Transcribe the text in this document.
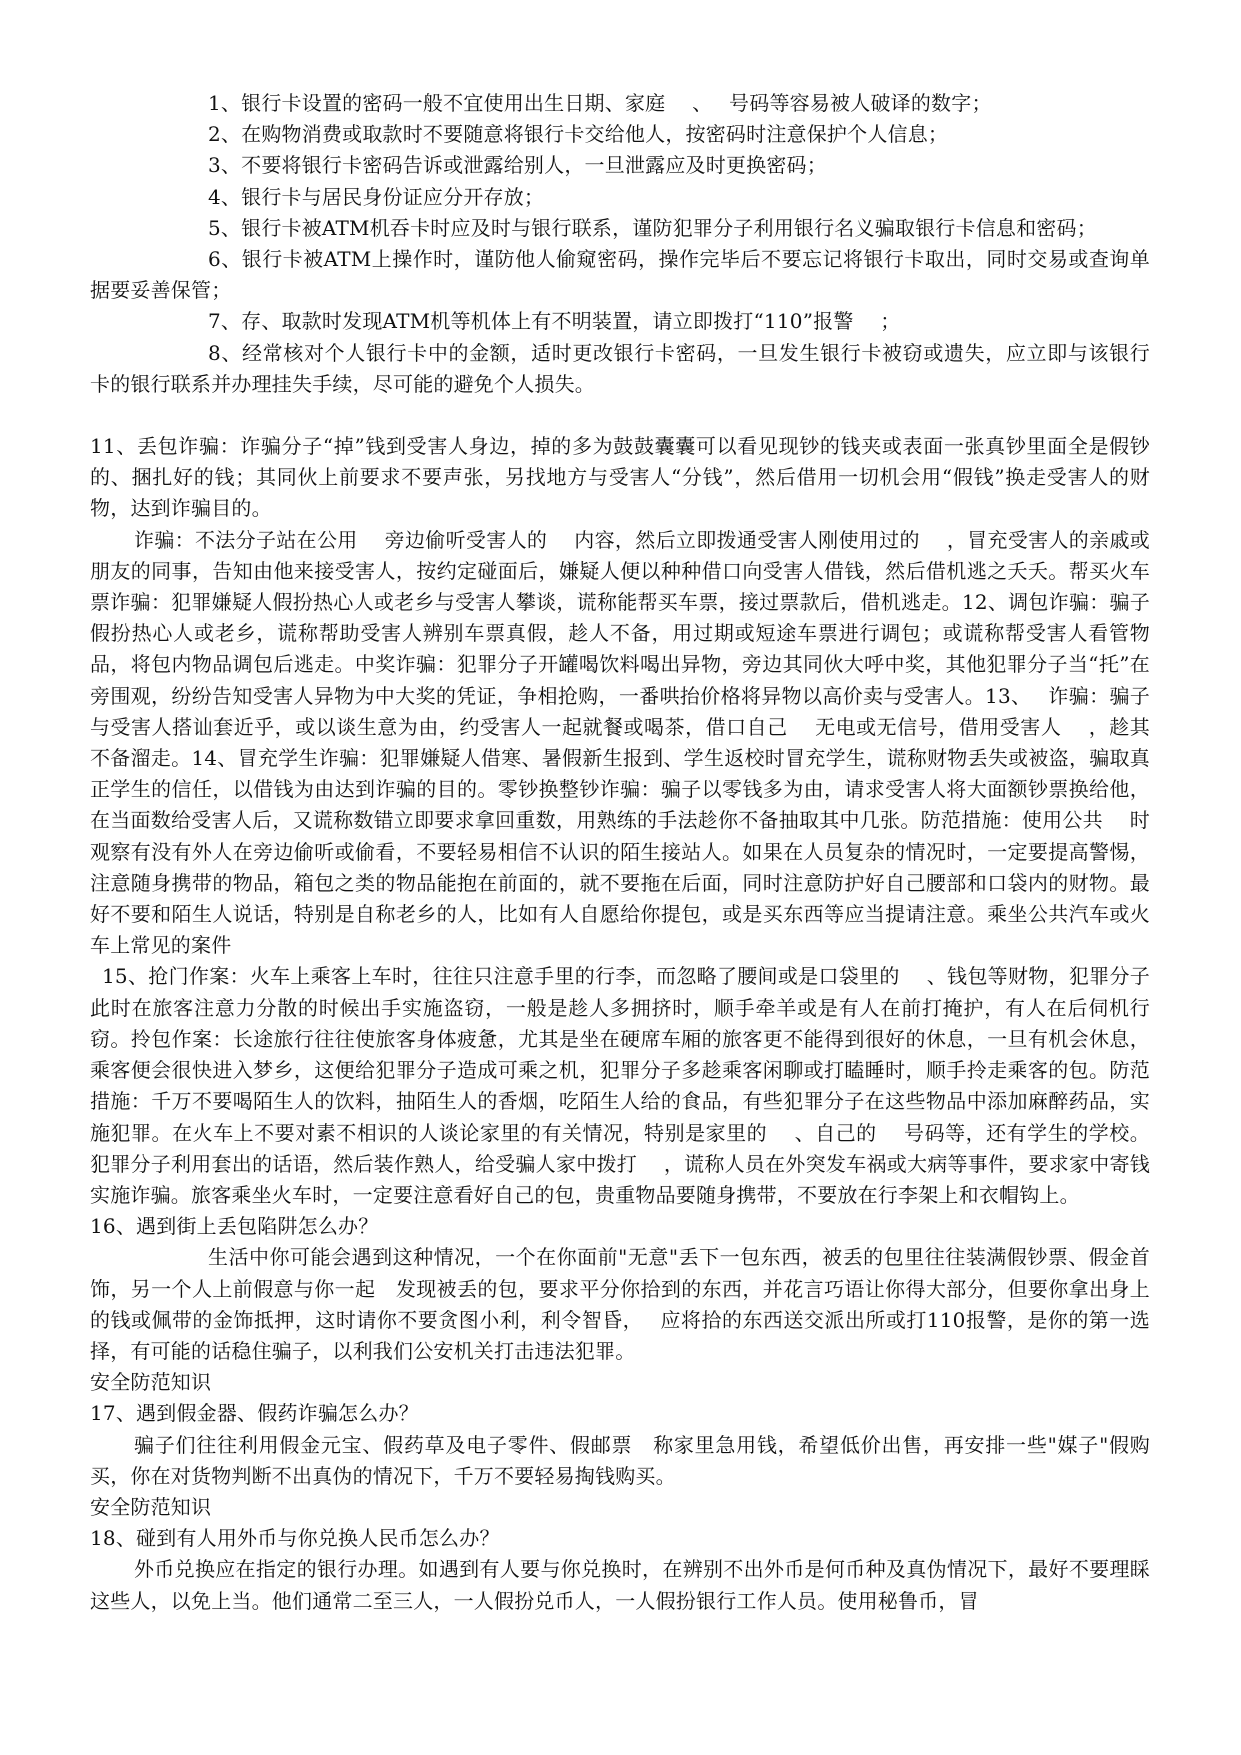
1、银行卡设置的密码一般不宜使用出生日期、家庭　 、　 号码等容易被人破译的数字；

2、在购物消费或取款时不要随意将银行卡交给他人，按密码时注意保护个人信息；

3、不要将银行卡密码告诉或泄露给别人，一旦泄露应及时更换密码；

4、银行卡与居民身份证应分开存放；

5、银行卡被ATM机吞卡时应及时与银行联系，谨防犯罪分子利用银行名义骗取银行卡信息和密码；

6、银行卡被ATM上操作时，谨防他人偷窥密码，操作完毕后不要忘记将银行卡取出，同时交易或查询单据要妥善保管；

7、存、取款时发现ATM机等机体上有不明装置，请立即拨打“110”报警　 ；

8、经常核对个人银行卡中的金额，适时更改银行卡密码，一旦发生银行卡被窃或遗失，应立即与该银行卡的银行联系并办理挂失手续，尽可能的避免个人损失。

11、丢包诈骗：诈骗分子“掉”钱到受害人身边，掉的多为鼓鼓囊囊可以看见现钞的钱夹或表面一张真钞里面全是假钞的、捆扎好的钱；其同伙上前要求不要声张，另找地方与受害人“分钱”，然后借用一切机会用“假钱”换走受害人的财物，达到诈骗目的。

诈骗：不法分子站在公用　 旁边偷听受害人的　 内容，然后立即拨通受害人刚使用过的　 ，冒充受害人的亲戚或朋友的同事，告知由他来接受害人，按约定碰面后，嫌疑人便以种种借口向受害人借钱，然后借机逃之夭夭。帮买火车票诈骗：犯罪嫌疑人假扮热心人或老乡与受害人攀谈，谎称能帮买车票，接过票款后，借机逃走。12、调包诈骗：骗子假扮热心人或老乡，谎称帮助受害人辨别车票真假，趁人不备，用过期或短途车票进行调包；或谎称帮受害人看管物品，将包内物品调包后逃走。中奖诈骗：犯罪分子开罐喝饮料喝出异物，旁边其同伙大呼中奖，其他犯罪分子当“托”在旁围观，纷纷告知受害人异物为中大奖的凭证，争相抢购，一番哄抬价格将异物以高价卖与受害人。13、　 诈骗：骗子与受害人搭讪套近乎，或以谈生意为由，约受害人一起就餐或喝茶，借口自己　 无电或无信号，借用受害人　 ，趁其不备溜走。14、冒充学生诈骗：犯罪嫌疑人借寒、暑假新生报到、学生返校时冒充学生，谎称财物丢失或被盗，骗取真正学生的信任，以借钱为由达到诈骗的目的。零钞换整钞诈骗：骗子以零钱多为由，请求受害人将大面额钞票换给他，在当面数给受害人后，又谎称数错立即要求拿回重数，用熟练的手法趁你不备抽取其中几张。防范措施：使用公共　 时观察有没有外人在旁边偷听或偷看，不要轻易相信不认识的陌生接站人。如果在人员复杂的情况时，一定要提高警惕，注意随身携带的物品，箱包之类的物品能抱在前面的，就不要拖在后面，同时注意防护好自己腰部和口袋内的财物。最好不要和陌生人说话，特别是自称老乡的人，比如有人自愿给你提包，或是买东西等应当提请注意。乘坐公共汽车或火车上常见的案件

15、抢门作案：火车上乘客上车时，往往只注意手里的行李，而忽略了腰间或是口袋里的　 、钱包等财物，犯罪分子此时在旅客注意力分散的时候出手实施盗窃，一般是趁人多拥挤时，顺手牵羊或是有人在前打掩护，有人在后伺机行窃。拎包作案：长途旅行往往使旅客身体疲惫，尤其是坐在硬席车厢的旅客更不能得到很好的休息，一旦有机会休息，乘客便会很快进入梦乡，这便给犯罪分子造成可乘之机，犯罪分子多趁乘客闲聊或打瞌睡时，顺手拎走乘客的包。防范措施：千万不要喝陌生人的饮料，抽陌生人的香烟，吃陌生人给的食品，有些犯罪分子在这些物品中添加麻醉药品，实施犯罪。在火车上不要对素不相识的人谈论家里的有关情况，特别是家里的　 、自己的　 号码等，还有学生的学校。犯罪分子利用套出的话语，然后装作熟人，给受骗人家中拨打　 ，谎称人员在外突发车祸或大病等事件，要求家中寄钱实施诈骗。旅客乘坐火车时，一定要注意看好自己的包，贵重物品要随身携带，不要放在行李架上和衣帽钩上。

16、遇到街上丢包陷阱怎么办？

生活中你可能会遇到这种情况，一个在你面前"无意"丢下一包东西，被丢的包里往往装满假钞票、假金首饰，另一个人上前假意与你一起　发现被丢的包，要求平分你拾到的东西，并花言巧语让你得大部分，但要你拿出身上的钱或佩带的金饰抵押，这时请你不要贪图小利，利令智昏，　 应将拾的东西送交派出所或打110报警，是你的第一选择，有可能的话稳住骗子，以利我们公安机关打击违法犯罪。

安全防范知识

17、遇到假金器、假药诈骗怎么办？

骗子们往往利用假金元宝、假药草及电子零件、假邮票　称家里急用钱，希望低价出售，再安排一些"媒子"假购买，你在对货物判断不出真伪的情况下，千万不要轻易掏钱购买。

安全防范知识

18、碰到有人用外币与你兑换人民币怎么办？

外币兑换应在指定的银行办理。如遇到有人要与你兑换时，在辨别不出外币是何币种及真伪情况下，最好不要理睬这些人，以免上当。他们通常二至三人，一人假扮兑币人，一人假扮银行工作人员。使用秘鲁币，冒
